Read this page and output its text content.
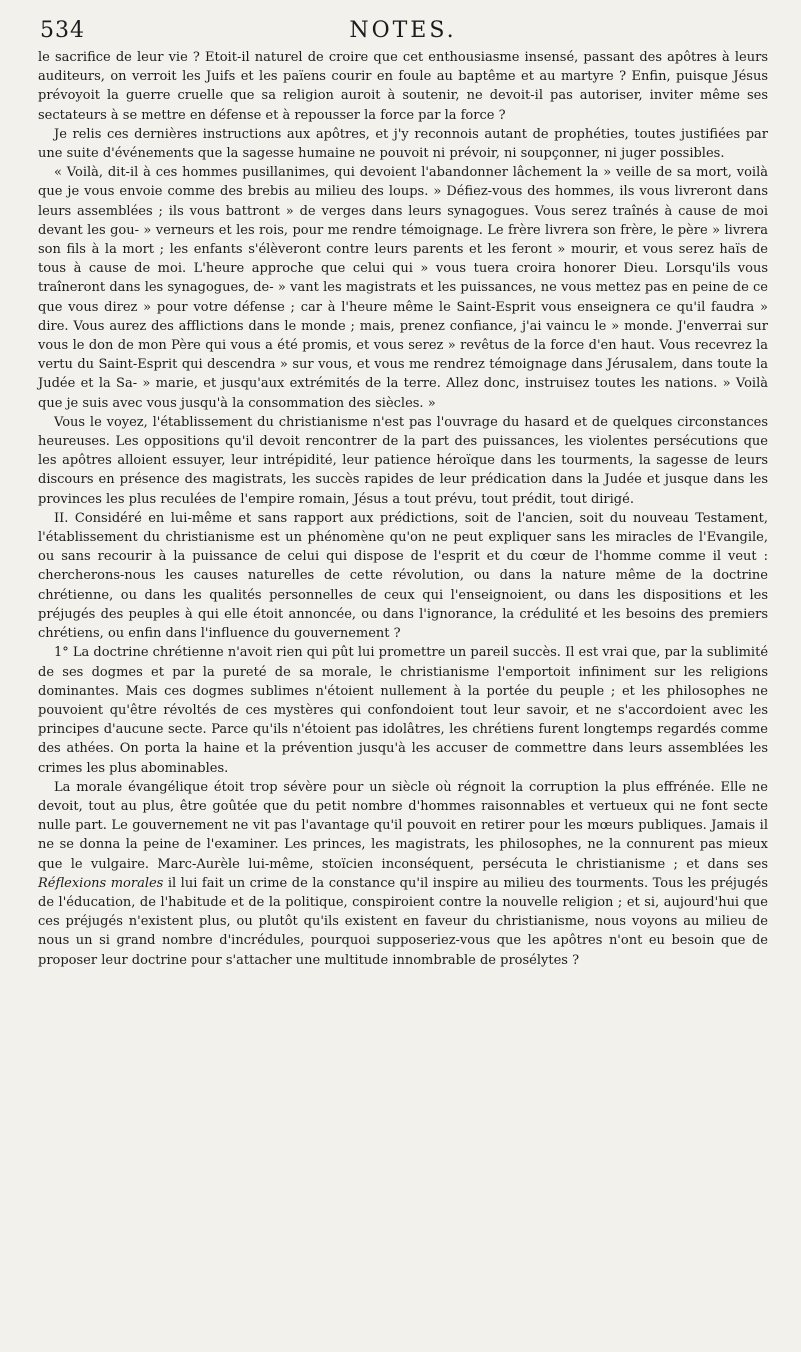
534	NOTES.

le sacrifice de leur vie ? Etoit-il naturel de croire que cet enthousiasme insensé, passant des apôtres à leurs auditeurs, on verroit les Juifs et les païens courir en foule au baptême et au martyre ? Enfin, puisque Jésus prévoyoit la guerre cruelle que sa religion auroit à soutenir, ne devoit-il pas autoriser, inviter même ses sectateurs à se mettre en défense et à repousser la force par la force ?

Je relis ces dernières instructions aux apôtres, et j'y reconnois autant de prophéties, toutes justifiées par une suite d'événements que la sagesse humaine ne pouvoit ni prévoir, ni soupçonner, ni juger possibles.

« Voilà, dit-il à ces hommes pusillanimes, qui devoient l'abandonner lâchement la » veille de sa mort, voilà que je vous envoie comme des brebis au milieu des loups. » Défiez-vous des hommes, ils vous livreront dans leurs assemblées ; ils vous battront » de verges dans leurs synagogues. Vous serez traînés à cause de moi devant les gou- » verneurs et les rois, pour me rendre témoignage. Le frère livrera son frère, le père » livrera son fils à la mort ; les enfants s'élèveront contre leurs parents et les feront » mourir, et vous serez haïs de tous à cause de moi. L'heure approche que celui qui » vous tuera croira honorer Dieu. Lorsqu'ils vous traîneront dans les synagogues, de- » vant les magistrats et les puissances, ne vous mettez pas en peine de ce que vous direz » pour votre défense ; car à l'heure même le Saint-Esprit vous enseignera ce qu'il faudra » dire. Vous aurez des afflictions dans le monde ; mais, prenez confiance, j'ai vaincu le » monde. J'enverrai sur vous le don de mon Père qui vous a été promis, et vous serez » revêtus de la force d'en haut. Vous recevrez la vertu du Saint-Esprit qui descendra » sur vous, et vous me rendrez témoignage dans Jérusalem, dans toute la Judée et la Sa- » marie, et jusqu'aux extrémités de la terre. Allez donc, instruisez toutes les nations. » Voilà que je suis avec vous jusqu'à la consommation des siècles. »

Vous le voyez, l'établissement du christianisme n'est pas l'ouvrage du hasard et de quelques circonstances heureuses. Les oppositions qu'il devoit rencontrer de la part des puissances, les violentes persécutions que les apôtres alloient essuyer, leur intrépidité, leur patience héroïque dans les tourments, la sagesse de leurs discours en présence des magistrats, les succès rapides de leur prédication dans la Judée et jusque dans les provinces les plus reculées de l'empire romain, Jésus a tout prévu, tout prédit, tout dirigé.

II. Considéré en lui-même et sans rapport aux prédictions, soit de l'ancien, soit du nouveau Testament, l'établissement du christianisme est un phénomène qu'on ne peut expliquer sans les miracles de l'Evangile, ou sans recourir à la puissance de celui qui dispose de l'esprit et du cœur de l'homme comme il veut : chercherons-nous les causes naturelles de cette révolution, ou dans la nature même de la doctrine chrétienne, ou dans les qualités personnelles de ceux qui l'enseignoient, ou dans les dispositions et les préjugés des peuples à qui elle étoit annoncée, ou dans l'ignorance, la crédulité et les besoins des premiers chrétiens, ou enfin dans l'influence du gouvernement ?

1° La doctrine chrétienne n'avoit rien qui pût lui promettre un pareil succès. Il est vrai que, par la sublimité de ses dogmes et par la pureté de sa morale, le christianisme l'emportoit infiniment sur les religions dominantes. Mais ces dogmes sublimes n'étoient nullement à la portée du peuple ; et les philosophes ne pouvoient qu'être révoltés de ces mystères qui confondoient tout leur savoir, et ne s'accordoient avec les principes d'aucune secte. Parce qu'ils n'étoient pas idolâtres, les chrétiens furent longtemps regardés comme des athées. On porta la haine et la prévention jusqu'à les accuser de commettre dans leurs assemblées les crimes les plus abominables.

La morale évangélique étoit trop sévère pour un siècle où régnoit la corruption la plus effrénée. Elle ne devoit, tout au plus, être goûtée que du petit nombre d'hommes raisonnables et vertueux qui ne font secte nulle part. Le gouvernement ne vit pas l'avantage qu'il pouvoit en retirer pour les mœurs publiques. Jamais il ne se donna la peine de l'examiner. Les princes, les magistrats, les philosophes, ne la connurent pas mieux que le vulgaire. Marc-Aurèle lui-même, stoïcien inconséquent, persécuta le christianisme ; et dans ses Réflexions morales il lui fait un crime de la constance qu'il inspire au milieu des tourments. Tous les préjugés de l'éducation, de l'habitude et de la politique, conspiroient contre la nouvelle religion ; et si, aujourd'hui que ces préjugés n'existent plus, ou plutôt qu'ils existent en faveur du christianisme, nous voyons au milieu de nous un si grand nombre d'incrédules, pourquoi supposeriez-vous que les apôtres n'ont eu besoin que de proposer leur doctrine pour s'attacher une multitude innombrable de prosélytes ?
